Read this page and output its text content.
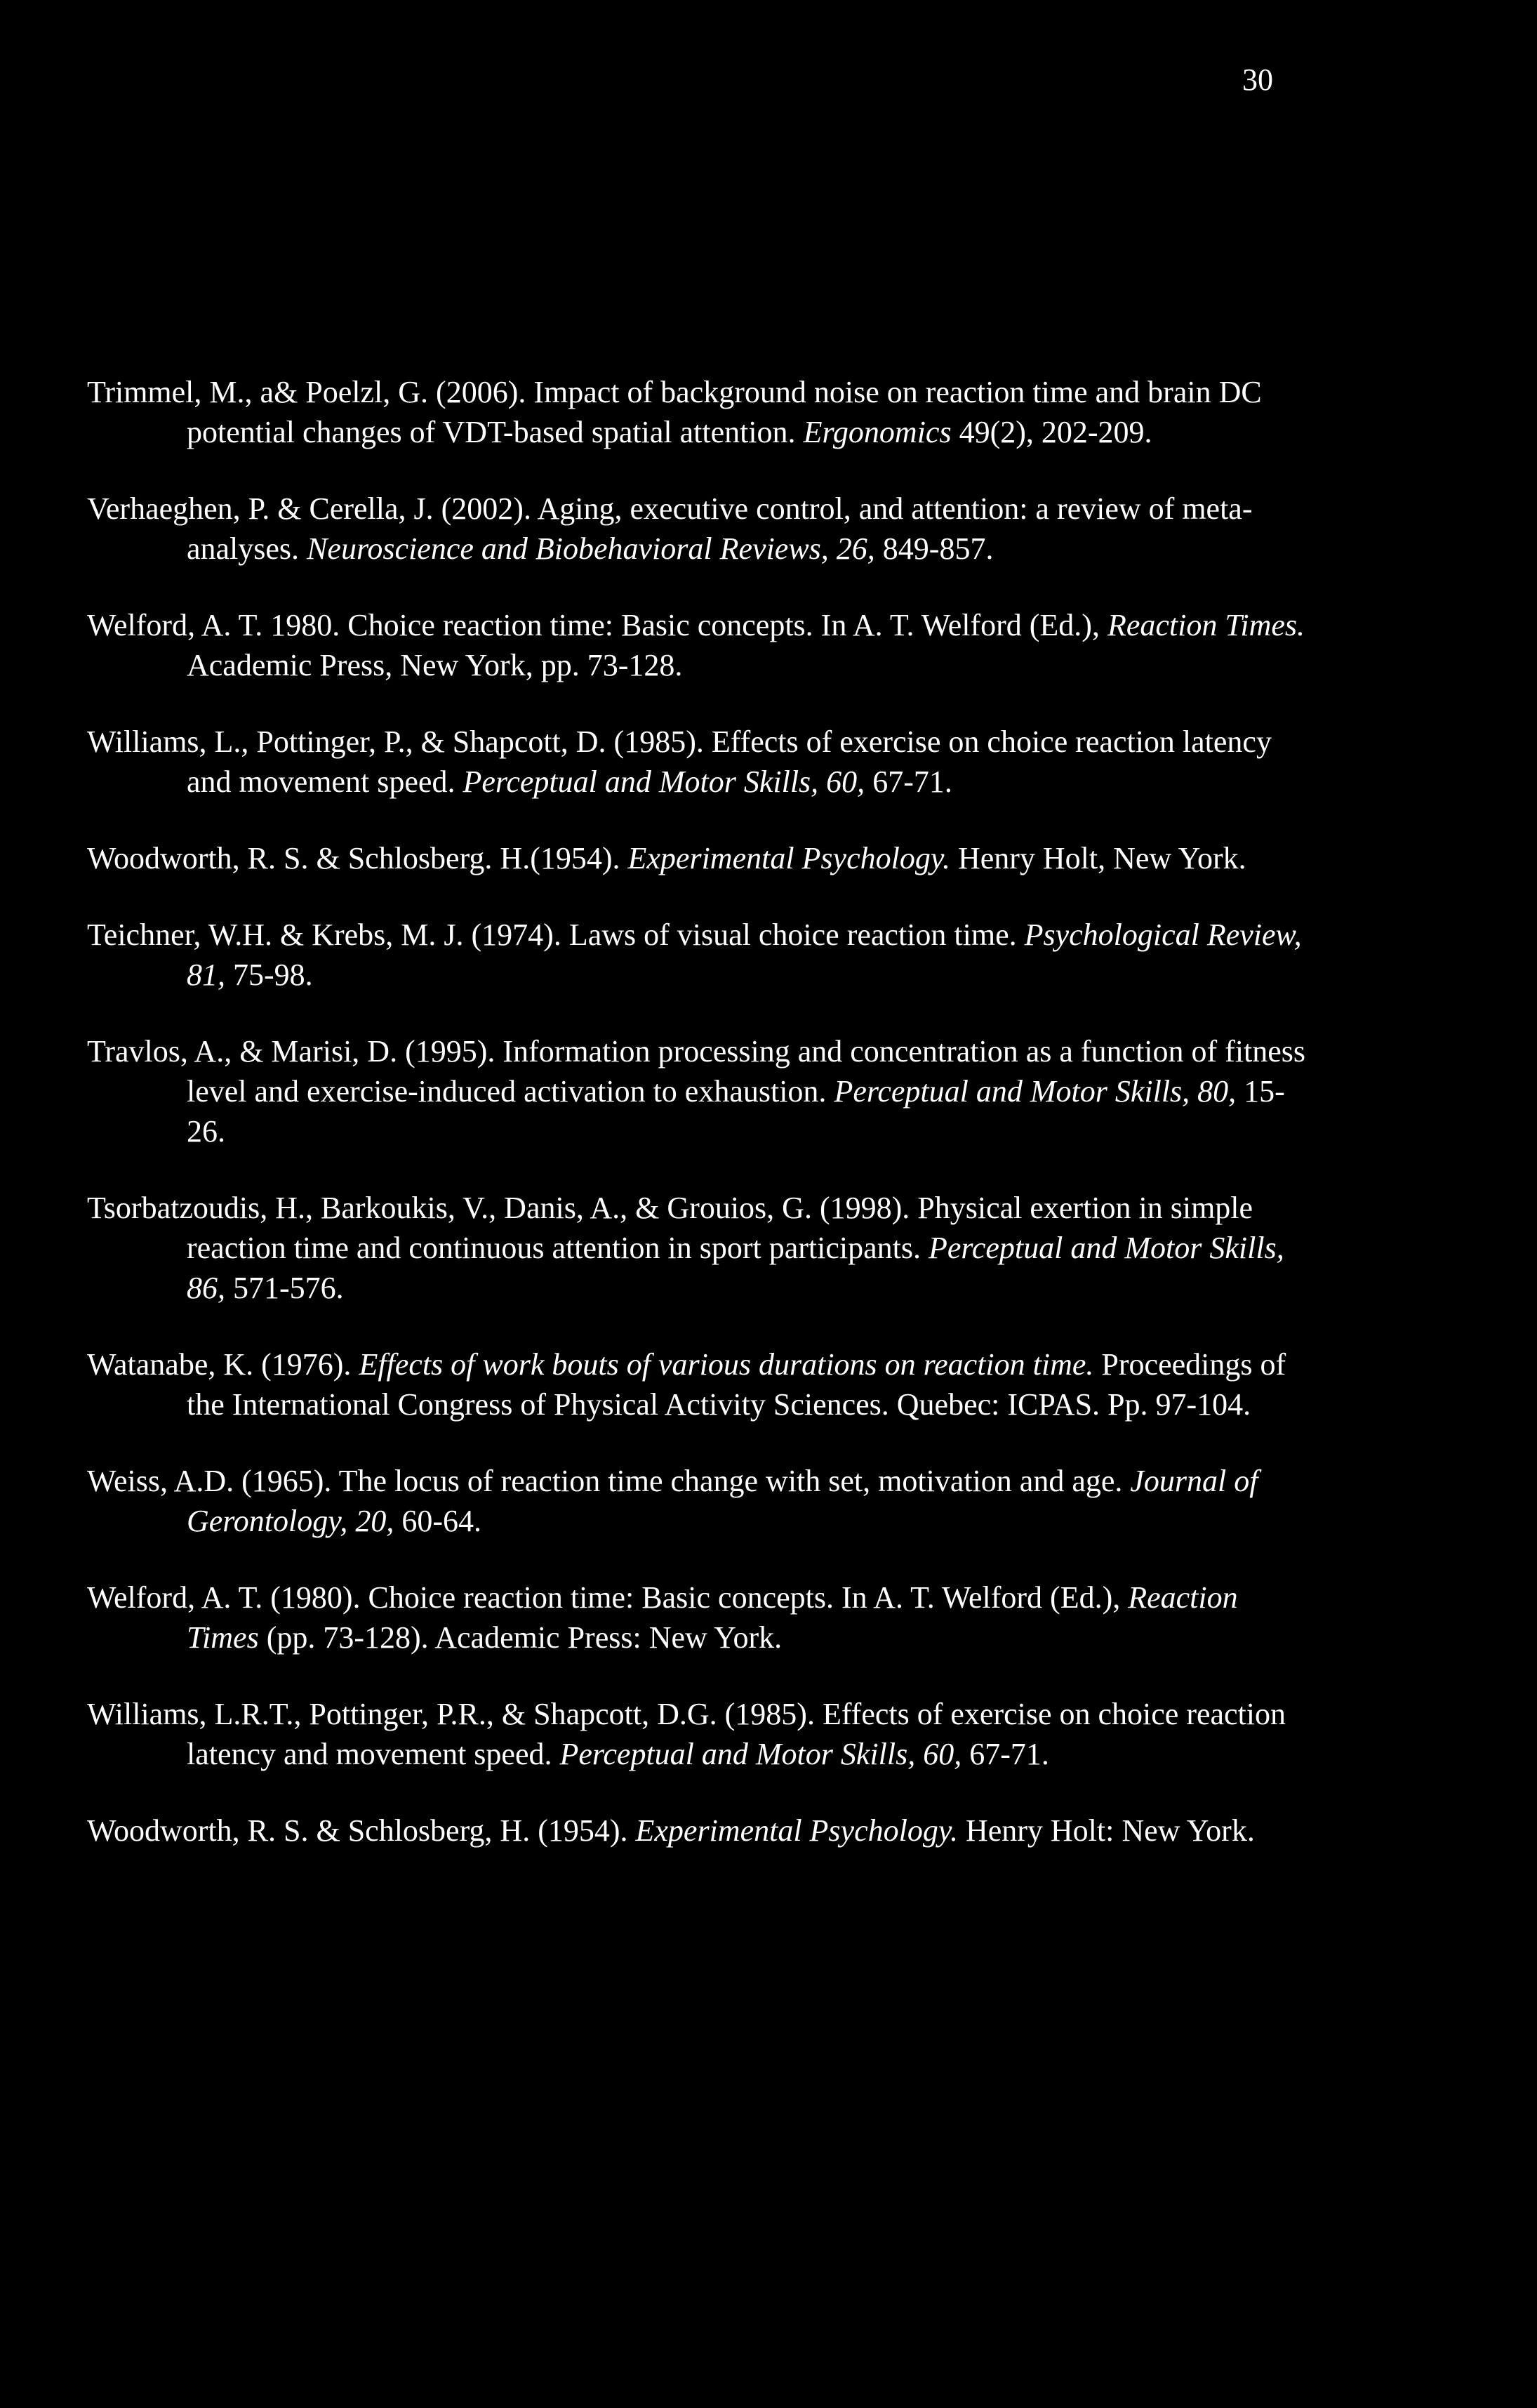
30

Trimmel, M., a& Poelzl, G. (2006). Impact of background noise on reaction time and brain DC potential changes of VDT-based spatial attention. Ergonomics 49(2), 202-209.

Verhaeghen, P. & Cerella, J. (2002). Aging, executive control, and attention: a review of meta-analyses. Neuroscience and Biobehavioral Reviews, 26, 849-857.

Welford, A. T. 1980. Choice reaction time: Basic concepts. In A. T. Welford (Ed.), Reaction Times. Academic Press, New York, pp. 73-128.

Williams, L., Pottinger, P., & Shapcott, D. (1985). Effects of exercise on choice reaction latency and movement speed. Perceptual and Motor Skills, 60, 67-71.

Woodworth, R. S. & Schlosberg. H.(1954). Experimental Psychology. Henry Holt, New York.

Teichner, W.H. & Krebs, M. J. (1974). Laws of visual choice reaction time. Psychological Review, 81, 75-98.

Travlos, A., & Marisi, D. (1995). Information processing and concentration as a function of fitness level and exercise-induced activation to exhaustion. Perceptual and Motor Skills, 80, 15-26.

Tsorbatzoudis, H., Barkoukis, V., Danis, A., & Grouios, G. (1998). Physical exertion in simple reaction time and continuous attention in sport participants. Perceptual and Motor Skills, 86, 571-576.

Watanabe, K. (1976). Effects of work bouts of various durations on reaction time. Proceedings of the International Congress of Physical Activity Sciences. Quebec: ICPAS. Pp. 97-104.

Weiss, A.D. (1965). The locus of reaction time change with set, motivation and age. Journal of Gerontology, 20, 60-64.

Welford, A. T. (1980). Choice reaction time: Basic concepts. In A. T. Welford (Ed.), Reaction Times (pp. 73-128). Academic Press: New York.

Williams, L.R.T., Pottinger, P.R., & Shapcott, D.G. (1985). Effects of exercise on choice reaction latency and movement speed. Perceptual and Motor Skills, 60, 67-71.

Woodworth, R. S. & Schlosberg, H. (1954). Experimental Psychology. Henry Holt: New York.
